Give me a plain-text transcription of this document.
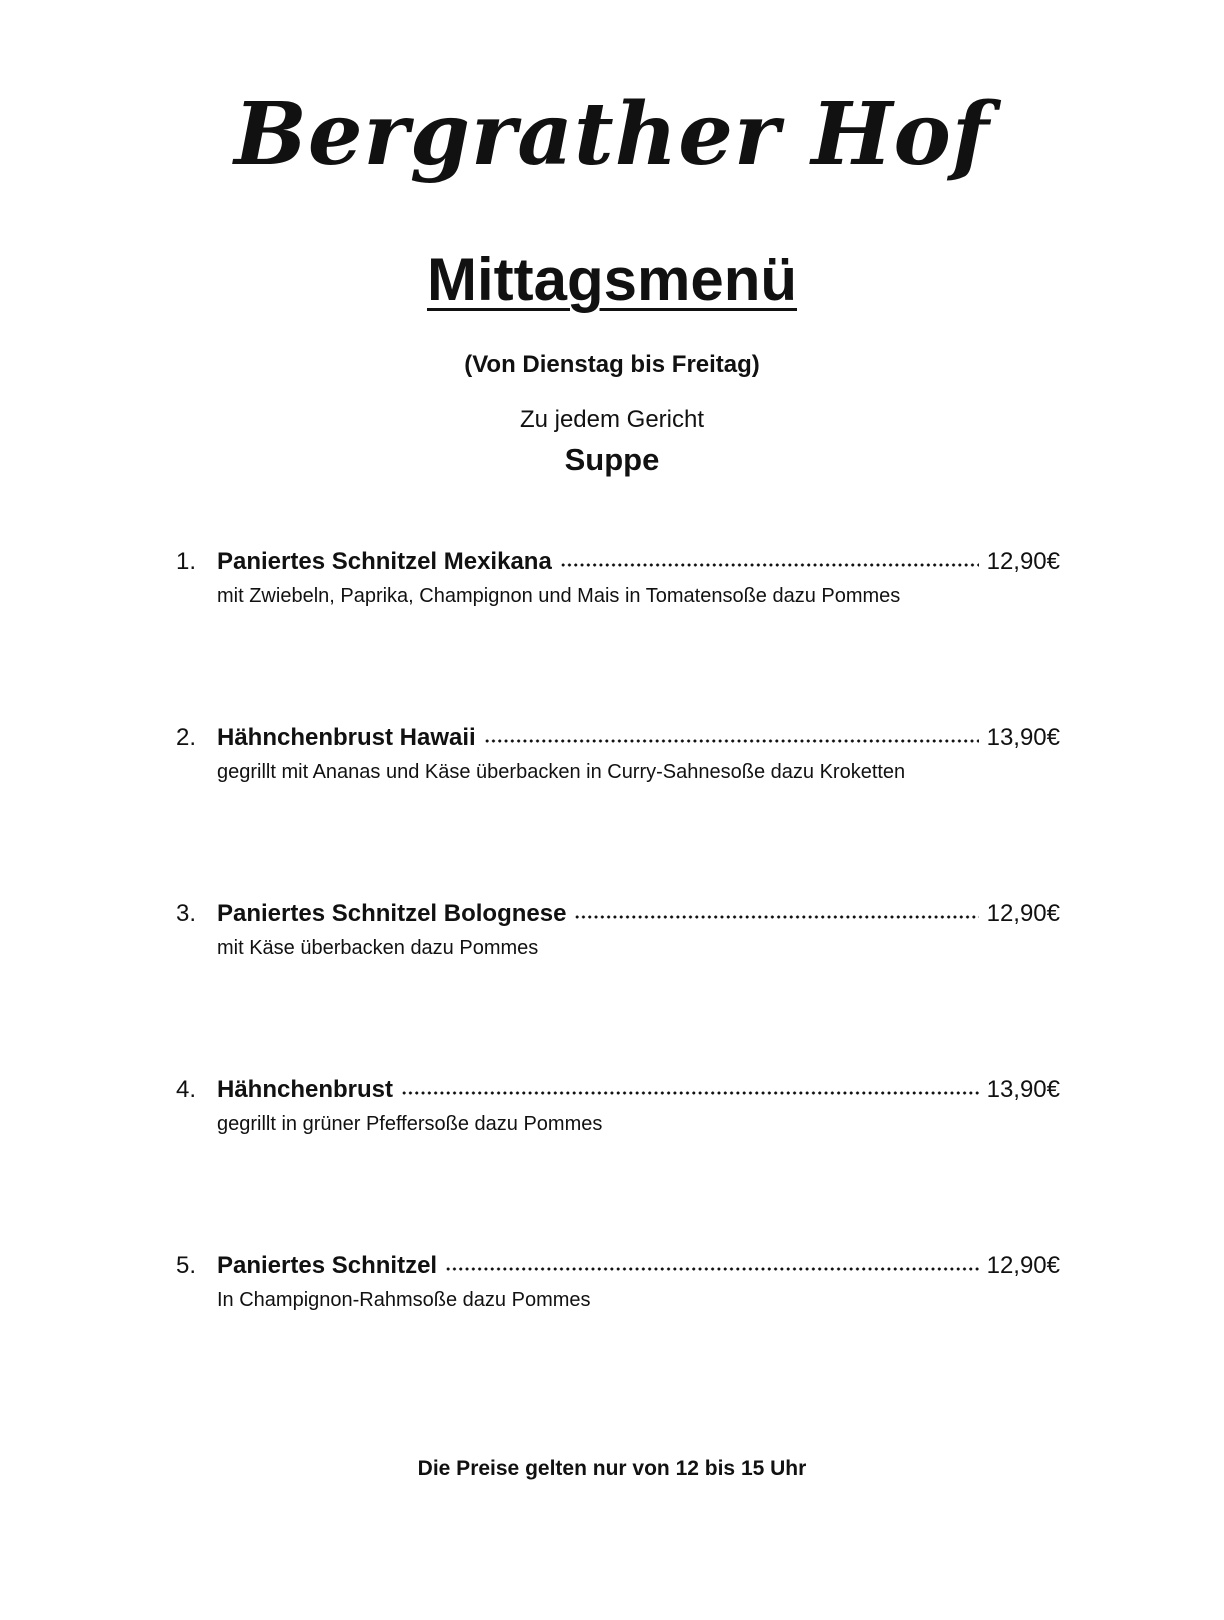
Bergrather Hof
Mittagsmenü
(Von Dienstag bis Freitag)
Zu jedem Gericht
Suppe
1. Paniertes Schnitzel Mexikana	12,90€
mit Zwiebeln, Paprika, Champignon und Mais in Tomatensoße dazu Pommes
2. Hähnchenbrust Hawaii	13,90€
gegrillt mit Ananas und Käse überbacken in Curry-Sahnesoße dazu Kroketten
3. Paniertes Schnitzel Bolognese	12,90€
mit Käse überbacken dazu Pommes
4. Hähnchenbrust	13,90€
gegrillt in grüner Pfeffersoße dazu Pommes
5. Paniertes Schnitzel	12,90€
In Champignon-Rahmsoße dazu Pommes
Die Preise gelten nur von 12 bis 15 Uhr
